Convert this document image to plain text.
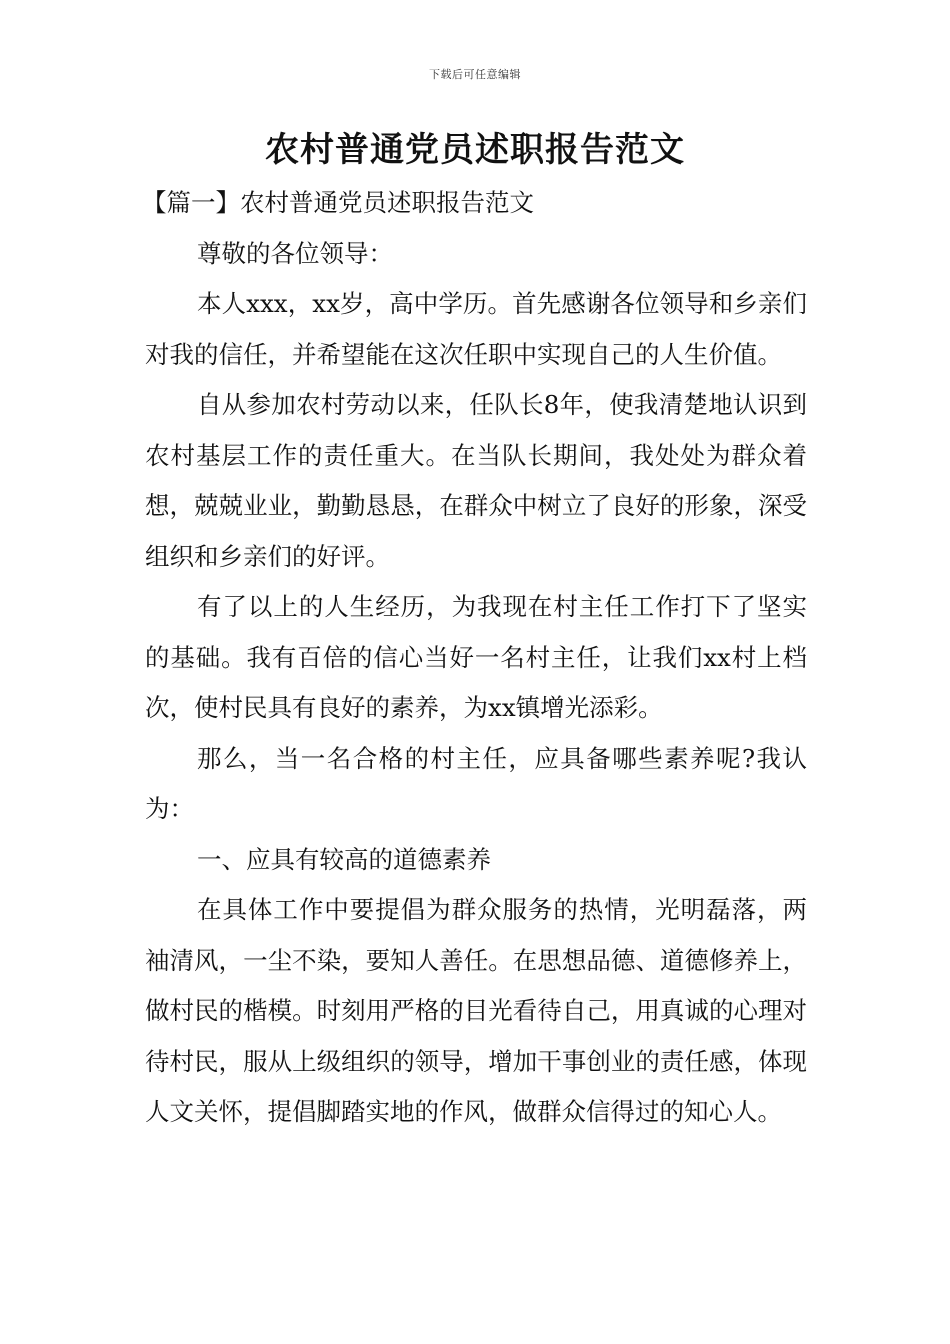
下载后可任意编辑
农村普通党员述职报告范文

【篇一】农村普通党员述职报告范文

尊敬的各位领导：

本人xxx，xx岁，高中学历。首先感谢各位领导和乡亲们对我的信任，并希望能在这次任职中实现自己的人生价值。

自从参加农村劳动以来，任队长8年，使我清楚地认识到农村基层工作的责任重大。在当队长期间，我处处为群众着想，兢兢业业，勤勤恳恳，在群众中树立了良好的形象，深受组织和乡亲们的好评。

有了以上的人生经历，为我现在村主任工作打下了坚实的基础。我有百倍的信心当好一名村主任，让我们xx村上档次，使村民具有良好的素养，为xx镇增光添彩。

那么，当一名合格的村主任，应具备哪些素养呢?我认为：

一、应具有较高的道德素养

在具体工作中要提倡为群众服务的热情，光明磊落，两袖清风，一尘不染，要知人善任。在思想品德、道德修养上，做村民的楷模。时刻用严格的目光看待自己，用真诚的心理对待村民，服从上级组织的领导，增加干事创业的责任感，体现人文关怀，提倡脚踏实地的作风，做群众信得过的知心人。
